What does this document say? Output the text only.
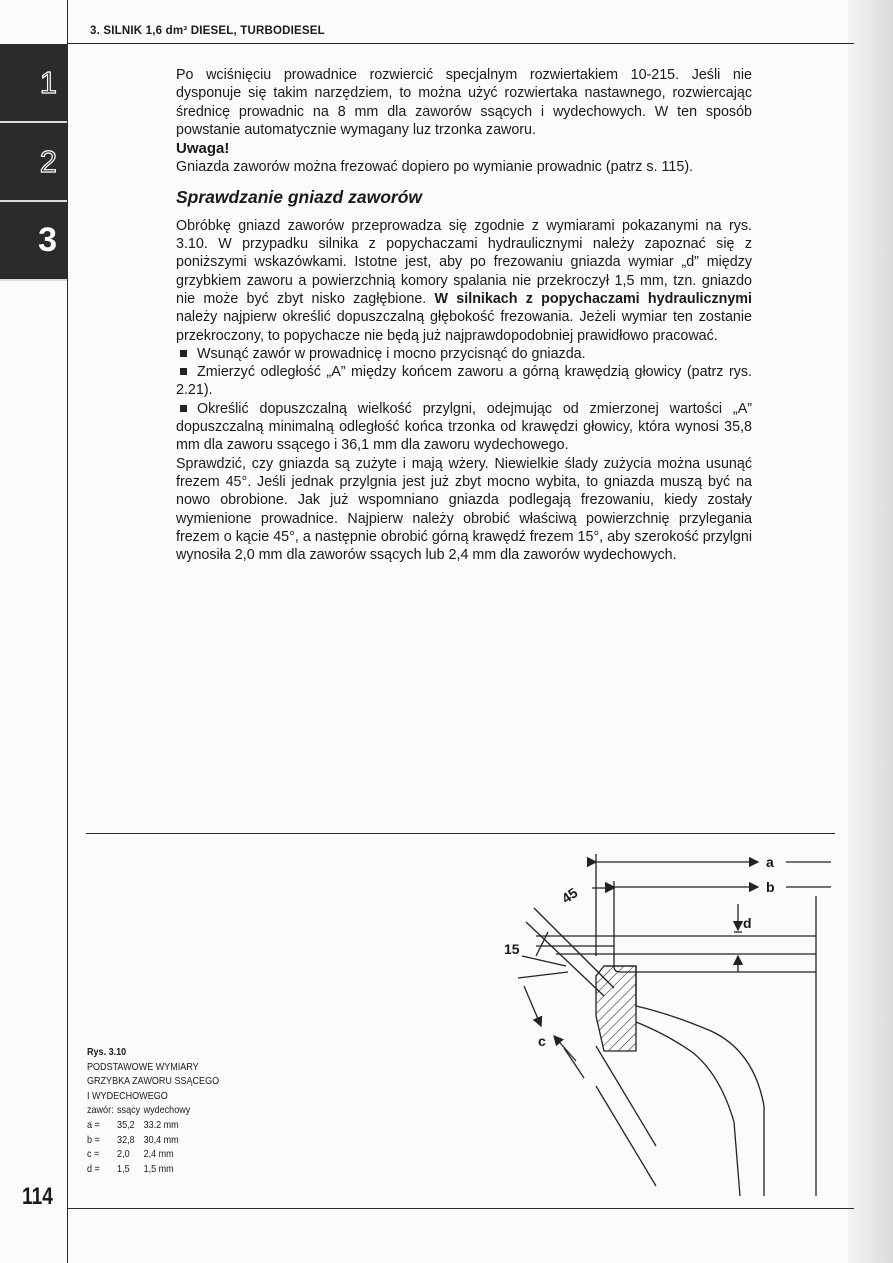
3. SILNIK 1,6 dm³ DIESEL, TURBODIESEL
1
2
3

Po wciśnięciu prowadnice rozwiercić specjalnym rozwiertakiem 10-215. Jeśli nie dysponuje się takim narzędziem, to można użyć rozwiertaka nastawnego, rozwiercając średnicę prowadnic na 8 mm dla zaworów ssących i wydechowych. W ten sposób powstanie automatycznie wymagany luz trzonka zaworu.

Uwaga!

Gniazda zaworów można frezować dopiero po wymianie prowadnic (patrz s. 115).

Sprawdzanie gniazd zaworów

Obróbkę gniazd zaworów przeprowadza się zgodnie z wymiarami pokazanymi na rys. 3.10. W przypadku silnika z popychaczami hydraulicznymi należy zapoznać się z poniższymi wskazówkami. Istotne jest, aby po frezowaniu gniazda wymiar „d” między grzybkiem zaworu a powierzchnią komory spalania nie przekroczył 1,5 mm, tzn. gniazdo nie może być zbyt nisko zagłębione. W silnikach z popychaczami hydraulicznymi należy najpierw określić dopuszczalną głębokość frezowania. Jeżeli wymiar ten zostanie przekroczony, to popychacze nie będą już najprawdopodobniej prawidłowo pracować.

Wsunąć zawór w prowadnicę i mocno przycisnąć do gniazda.

Zmierzyć odległość „A” między końcem zaworu a górną krawędzią głowicy (patrz rys. 2.21).

Określić dopuszczalną wielkość przylgni, odejmując od zmierzonej wartości „A” dopuszczalną minimalną odległość końca trzonka od krawędzi głowicy, która wynosi 35,8 mm dla zaworu ssącego i 36,1 mm dla zaworu wydechowego.

Sprawdzić, czy gniazda są zużyte i mają wżery. Niewielkie ślady zużycia można usunąć frezem 45°. Jeśli jednak przylgnia jest już zbyt mocno wybita, to gniazda muszą być na nowo obrobione. Jak już wspomniano gniazda podlegają frezowaniu, kiedy zostały wymienione prowadnice. Najpierw należy obrobić właściwą powierzchnię przylegania frezem o kącie 45°, a następnie obrobić górną krawędź frezem 15°, aby szerokość przylgni wynosiła 2,0 mm dla zaworów ssących lub 2,4 mm dla zaworów wydechowych.

Rys. 3.10
PODSTAWOWE WYMIARY
GRZYBKA ZAWORU SSĄCEGO
I WYDECHOWEGO
zawór:	ssący	wydechowy
a =	35,2	33.2 mm
b =	32,8	30,4 mm
c =	2,0	2,4 mm
d =	1,5	1,5 mm
a
b
d
c
45
15
114
